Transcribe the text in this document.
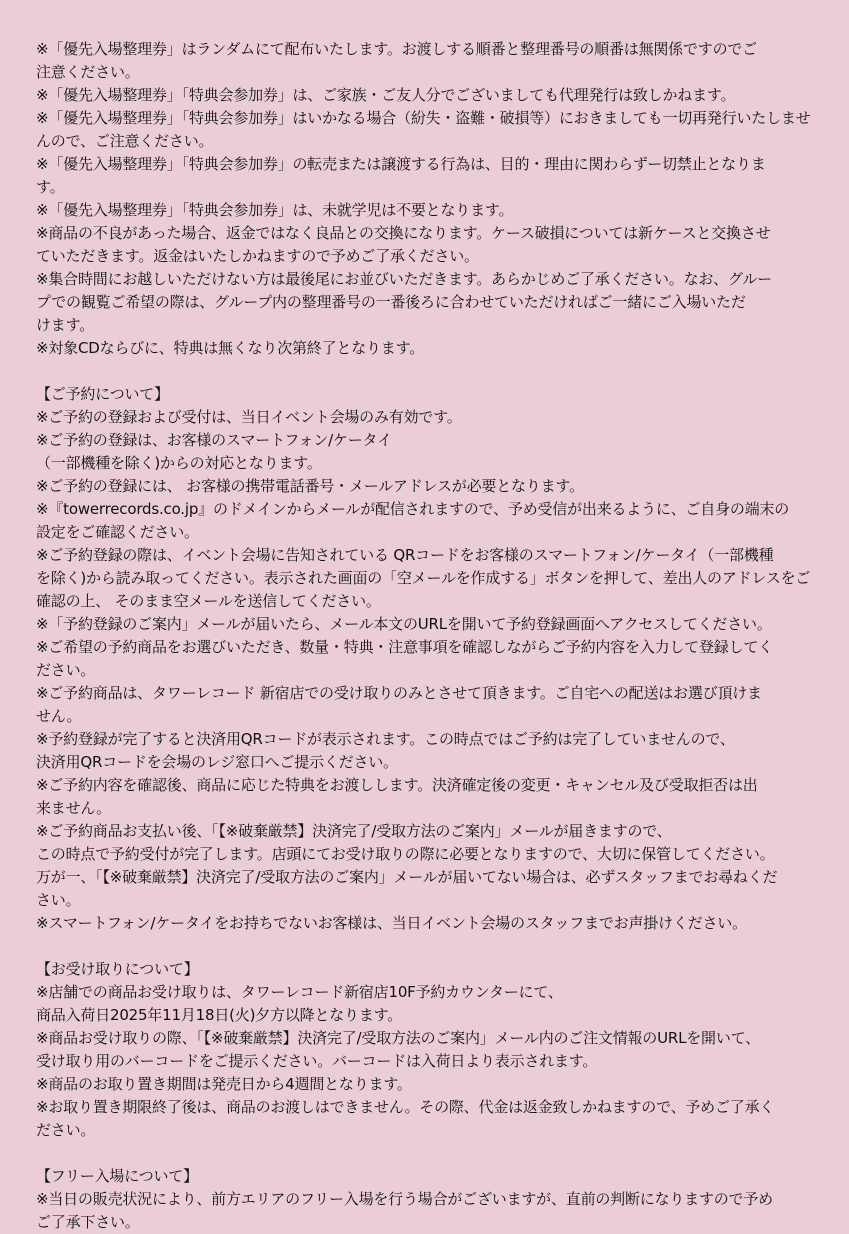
※「優先入場整理券」はランダムにて配布いたします。お渡しする順番と整理番号の順番は無関係ですのでご

注意ください。

※「優先入場整理券」「特典会参加券」は、ご家族・ご友人分でございましても代理発行は致しかねます。

※「優先入場整理券」「特典会参加券」はいかなる場合（紛失・盗難・破損等）におきましても一切再発行いたしませ

んので、ご注意ください。

※「優先入場整理券」「特典会参加券」の転売または譲渡する行為は、目的・理由に関わらずー切禁止となりま

す。

※「優先入場整理券」「特典会参加券」は、未就学児は不要となります。

※商品の不良があった場合、返金ではなく良品との交換になります。ケース破損については新ケースと交換させ

ていただきます。返金はいたしかねますので予めご了承ください。

※集合時間にお越しいただけない方は最後尾にお並びいただきます。あらかじめご了承ください。なお、グルー

プでの観覧ご希望の際は、グループ内の整理番号の一番後ろに合わせていただければご一緒にご入場いただ

けます。

※対象CDならびに、特典は無くなり次第終了となります。

【ご予約について】

※ご予約の登録および受付は、当日イベント会場のみ有効です。

※ご予約の登録は、お客様のスマートフォン/ケータイ

（一部機種を除く)からの対応となります。

※ご予約の登録には、 お客様の携帯電話番号・メールアドレスが必要となります。

※『towerrecords.co.jp』のドメインからメールが配信されますので、予め受信が出来るように、ご自身の端末の

設定をご確認ください。

※ご予約登録の際は、イベント会場に告知されている QRコードをお客様のスマートフォン/ケータイ（一部機種

を除く)から読み取ってください。表示された画面の「空メールを作成する」ボタンを押して、差出人のアドレスをご

確認の上、 そのまま空メールを送信してください。

※「予約登録のご案内」メールが届いたら、メール本文のURLを開いて予約登録画面へアクセスしてください。

※ご希望の予約商品をお選びいただき、数量・特典・注意事項を確認しながらご予約内容を入力して登録してく

ださい。

※ご予約商品は、タワーレコード 新宿店での受け取りのみとさせて頂きます。ご自宅への配送はお選び頂けま

せん。

※予約登録が完了すると決済用QRコードが表示されます。この時点ではご予約は完了していませんので、

決済用QRコードを会場のレジ窓口へご提示ください。

※ご予約内容を確認後、商品に応じた特典をお渡しします。決済確定後の変更・キャンセル及び受取拒否は出

来ません。

※ご予約商品お支払い後、「【※破棄厳禁】決済完了/受取方法のご案内」メールが届きますので、

この時点で予約受付が完了します。店頭にてお受け取りの際に必要となりますので、大切に保管してください。

万が一、「【※破棄厳禁】決済完了/受取方法のご案内」メールが届いてない場合は、必ずスタッフまでお尋ねくだ

さい。

※スマートフォン/ケータイをお持ちでないお客様は、当日イベント会場のスタッフまでお声掛けください。

【お受け取りについて】

※店舗での商品お受け取りは、タワーレコード新宿店10F予約カウンターにて、

商品入荷日2025年11月18日(火)夕方以降となります。

※商品お受け取りの際、「【※破棄厳禁】決済完了/受取方法のご案内」メール内のご注文情報のURLを開いて、

受け取り用のバーコードをご提示ください。バーコードは入荷日より表示されます。

※商品のお取り置き期間は発売日から4週間となります。

※お取り置き期限終了後は、商品のお渡しはできません。その際、代金は返金致しかねますので、予めご了承く

ださい。

【フリー入場について】

※当日の販売状況により、前方エリアのフリー入場を行う場合がございますが、直前の判断になりますので予め

ご了承下さい。
